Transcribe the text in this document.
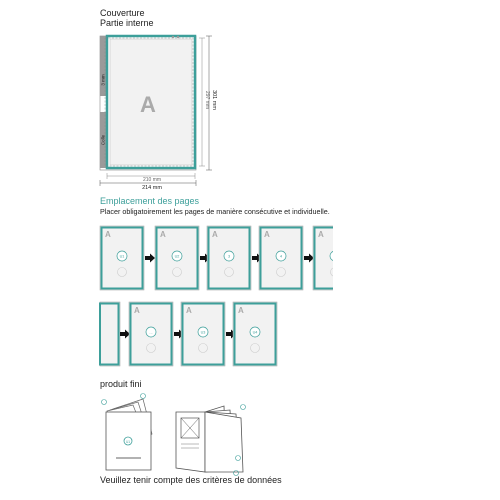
Couverture
Partie interne
Emplacement des pages
Placer obligatoirement les pages de manière consécutive et individuelle.
produit fini
Veuillez tenir compte des critères de données
A
3 mm
Colle
210 mm
214 mm
297 mm 301 mm
A
U1
A
U2
A
3
A
4
A
A
...
A
U3
A
U4
U1
